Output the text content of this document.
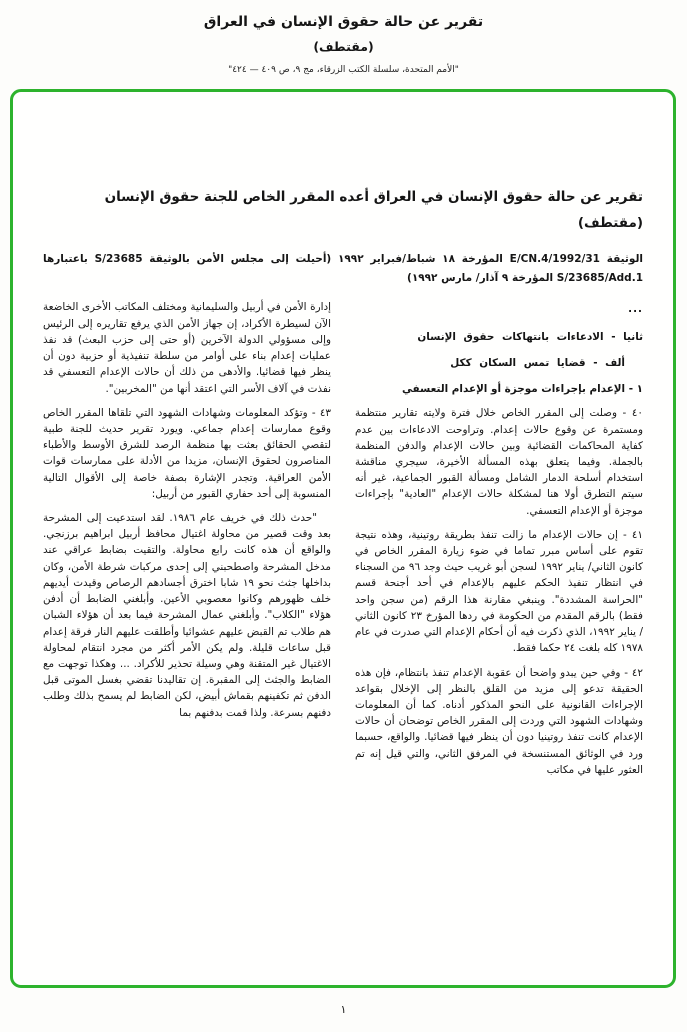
تقرير عن حالة حقوق الإنسان في العراق
(مقتطف)
"الأمم المتحدة، سلسلة الكتب الزرقاء، مج ٩، ص ٤٠٩ — ٤٢٤"
تقرير عن حالة حقوق الإنسان في العراق أعده المقرر الخاص للجنة حقوق الإنسان (مقتطف)
الوثيقة E/CN.4/1992/31 المؤرخة ١٨ شباط/فبراير ١٩٩٢ (أحيلت إلى مجلس الأمن بالوثيقة S/23685 باعتبارها S/23685/Add.1 المؤرخة ٩ آذار/ مارس ١٩٩٢)
...
ثانيا - الادعاءات بانتهاكات حقوق الإنسان
ألف - قضايا تمس السكان ككل
١ - الإعدام بإجراءات موجزة أو الإعدام التعسفي

٤٠ - وصلت إلى المقرر الخاص خلال فترة ولايته تقارير منتظمة ومستمرة عن وقوع حالات إعدام. وتراوحت الادعاءات بين عدم كفاية المحاكمات القضائية وبين حالات الإعدام والدفن المنظمة بالجملة. وفيما يتعلق بهذه المسألة الأخيرة، سيجري مناقشة استخدام أسلحة الدمار الشامل ومسألة القبور الجماعية، غير أنه سيتم التطرق أولا هنا لمشكلة حالات الإعدام "العادية" بإجراءات موجزة أو الإعدام التعسفي.

٤١ - إن حالات الإعدام ما زالت تنفذ بطريقة روتينية، وهذه نتيجة تقوم على أساس مبرر تماما في ضوء زيارة المقرر الخاص في كانون الثاني/ يناير ١٩٩٢ لسجن أبو غريب حيث وجد ٩٦ من السجناء في انتظار تنفيذ الحكم عليهم بالإعدام في أحد أجنحة قسم "الحراسة المشددة". وينبغي مقارنة هذا الرقم (من سجن واحد فقط) بالرقم المقدم من الحكومة في ردها المؤرخ ٢٣ كانون الثاني / يناير ١٩٩٢، الذي ذكرت فيه أن أحكام الإعدام التي صدرت في عام ١٩٧٨ كله بلغت ٢٤ حكما فقط.

٤٢ - وفي حين يبدو واضحا أن عقوبة الإعدام تنفذ بانتظام، فإن هذه الحقيقة تدعو إلى مزيد من القلق بالنظر إلى الإخلال بقواعد الإجراءات القانونية على النحو المذكور أدناه. كما أن المعلومات وشهادات الشهود التي وردت إلى المقرر الخاص توضحان أن حالات الإعدام كانت تنفذ روتينيا دون أن ينظر فيها قضائيا. والواقع، حسبما ورد في الوثائق المستنسخة في المرفق الثاني، والتي قيل إنه تم العثور عليها في مكاتب

إدارة الأمن في أربيل والسليمانية ومختلف المكاتب الأخرى الخاضعة الآن لسيطرة الأكراد، إن جهاز الأمن الذي يرفع تقاريره إلى الرئيس وإلى مسؤولي الدولة الآخرين (أو حتى إلى حزب البعث) قد نفذ عمليات إعدام بناء على أوامر من سلطة تنفيذية أو حزبية دون أن ينظر فيها قضائيا. والأدهى من ذلك أن حالات الإعدام التعسفي قد نفذت في آلاف الأسر التي اعتقد أنها من "المخربين".

٤٣ - وتؤكد المعلومات وشهادات الشهود التي تلقاها المقرر الخاص وقوع ممارسات إعدام جماعي. ويورد تقرير حديث للجنة طبية لتقصي الحقائق بعثت بها منظمة الرصد للشرق الأوسط والأطباء المناصرون لحقوق الإنسان، مزيدا من الأدلة على ممارسات قوات الأمن العراقية. وتجدر الإشارة بصفة خاصة إلى الأقوال التالية المنسوبة إلى أحد حفاري القبور من أربيل:

"حدث ذلك في خريف عام ١٩٨٦. لقد استدعيت إلى المشرحة بعد وقت قصير من محاولة اغتيال محافظ أربيل ابراهيم برزنجي. والواقع أن هذه كانت رابع محاولة. والتقيت بضابط عراقي عند مدخل المشرحة واصطحبني إلى إحدى مركبات شرطة الأمن، وكان بداخلها جثث نحو ١٩ شابا اخترق أجسادهم الرصاص وقيدت أيديهم خلف ظهورهم وكانوا معصوبي الأعين. وأبلغني الضابط أن أدفن هؤلاء "الكلاب". وأبلغني عمال المشرحة فيما بعد أن هؤلاء الشبان هم طلاب تم القبض عليهم عشوائيا وأطلقت عليهم النار فرقة إعدام قبل ساعات قليلة. ولم يكن الأمر أكثر من مجرد انتقام لمحاولة الاغتيال غير المتقنة وهي وسيلة تحذير للأكراد. ... وهكذا توجهت مع الضابط والجثث إلى المقبرة. إن تقاليدنا تقضي بغسل الموتى قبل الدفن ثم تكفينهم بقماش أبيض، لكن الضابط لم يسمح بذلك وطلب دفنهم بسرعة. ولذا قمت بدفنهم بما

١
